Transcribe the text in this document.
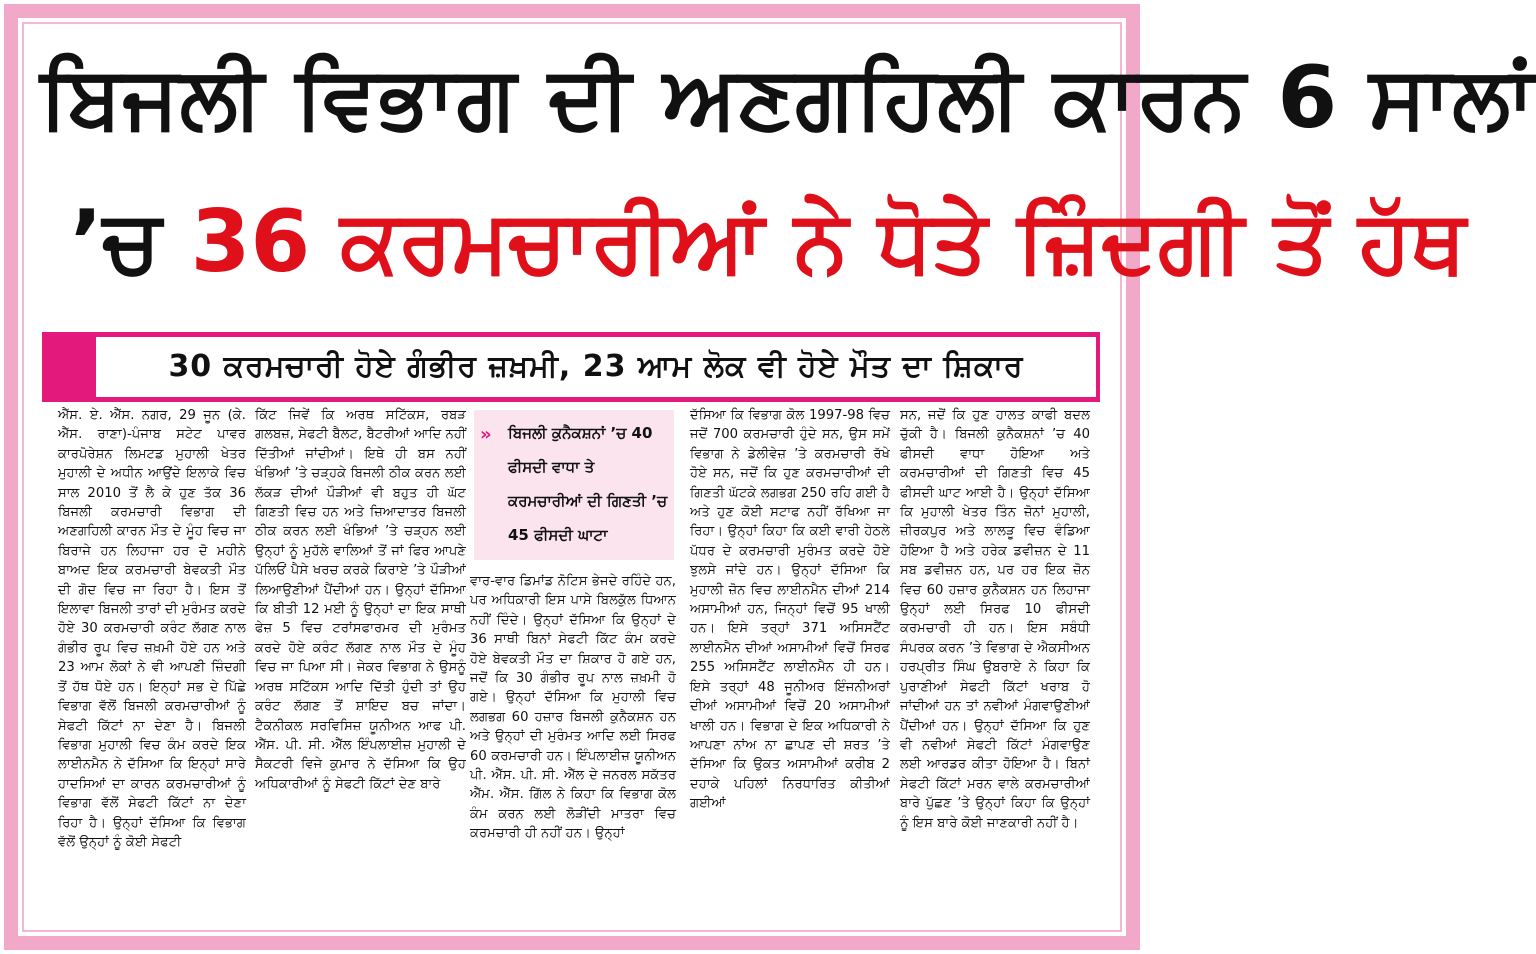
ਬਿਜਲੀ ਵਿਭਾਗ ਦੀ ਅਣਗਹਿਲੀ ਕਾਰਨ 6 ਸਾਲਾਂ
’ਚ 36 ਕਰਮਚਾਰੀਆਂ ਨੇ ਧੋਤੇ ਜ਼ਿੰਦਗੀ ਤੋਂ ਹੱਥ
30 ਕਰਮਚਾਰੀ ਹੋਏ ਗੰਭੀਰ ਜ਼ਖ਼ਮੀ, 23 ਆਮ ਲੋਕ ਵੀ ਹੋਏ ਮੌਤ ਦਾ ਸ਼ਿਕਾਰ
ਐੱਸ. ਏ. ਐੱਸ. ਨਗਰ, 29 ਜੂਨ (ਕੇ. ਐੱਸ. ਰਾਣਾ)-ਪੰਜਾਬ ਸਟੇਟ ਪਾਵਰ ਕਾਰਪੋਰੇਸ਼ਨ ਲਿਮਟਡ ਮੁਹਾਲੀ ਖੇਤਰ ਮੁਹਾਲੀ ਦੇ ਅਧੀਨ ਆਉਂਦੇ ਇਲਾਕੇ ਵਿਚ ਸਾਲ 2010 ਤੋਂ ਲੈ ਕੇ ਹੁਣ ਤੱਕ 36 ਬਿਜਲੀ ਕਰਮਚਾਰੀ ਵਿਭਾਗ ਦੀ ਅਣਗਹਿਲੀ ਕਾਰਨ ਮੌਤ ਦੇ ਮੂੰਹ ਵਿਚ ਜਾ ਬਿਰਾਜੇ ਹਨ ਲਿਹਾਜਾ ਹਰ ਦੋ ਮਹੀਨੇ ਬਾਅਦ ਇਕ ਕਰਮਚਾਰੀ ਬੇਵਕਤੀ ਮੌਤ ਦੀ ਗੋਦ ਵਿਚ ਜਾ ਰਿਹਾ ਹੈ। ਇਸ ਤੋਂ ਇਲਾਵਾ ਬਿਜਲੀ ਤਾਰਾਂ ਦੀ ਮੁਰੰਮਤ ਕਰਦੇ ਹੋਏ 30 ਕਰਮਚਾਰੀ ਕਰੰਟ ਲੱਗਣ ਨਾਲ ਗੰਭੀਰ ਰੂਪ ਵਿਚ ਜ਼ਖ਼ਮੀ ਹੋਏ ਹਨ ਅਤੇ 23 ਆਮ ਲੋਕਾਂ ਨੇ ਵੀ ਆਪਣੀ ਜ਼ਿੰਦਗੀ ਤੋਂ ਹੱਥ ਧੋਏ ਹਨ। ਇਨ੍ਹਾਂ ਸਭ ਦੇ ਪਿੱਛੇ ਵਿਭਾਗ ਵੱਲੋਂ ਬਿਜਲੀ ਕਰਮਚਾਰੀਆਂ ਨੂੰ ਸੇਫਟੀ ਕਿੱਟਾਂ ਨਾ ਦੇਣਾ ਹੈ। ਬਿਜਲੀ ਵਿਭਾਗ ਮੁਹਾਲੀ ਵਿਚ ਕੰਮ ਕਰਦੇ ਇਕ ਲਾਈਨਮੈਨ ਨੇ ਦੱਸਿਆ ਕਿ ਇਨ੍ਹਾਂ ਸਾਰੇ ਹਾਦਸਿਆਂ ਦਾ ਕਾਰਨ ਕਰਮਚਾਰੀਆਂ ਨੂੰ ਵਿਭਾਗ ਵੱਲੋਂ ਸੇਫਟੀ ਕਿੱਟਾਂ ਨਾ ਦੇਣਾ ਰਿਹਾ ਹੈ। ਉਨ੍ਹਾਂ ਦੱਸਿਆ ਕਿ ਵਿਭਾਗ ਵੱਲੋਂ ਉਨ੍ਹਾਂ ਨੂੰ ਕੋਈ ਸੇਫਟੀ
ਕਿੱਟ ਜਿਵੇਂ ਕਿ ਅਰਥ ਸਟਿੱਕਸ, ਰਬੜ ਗਲਬਜ਼, ਸੇਫਟੀ ਬੈਲਟ, ਬੈਟਰੀਆਂ ਆਦਿ ਨਹੀਂ ਦਿੱਤੀਆਂ ਜਾਂਦੀਆਂ। ਇਥੇ ਹੀ ਬਸ ਨਹੀਂ ਖੰਭਿਆਂ ’ਤੇ ਚੜ੍ਹਕੇ ਬਿਜਲੀ ਠੀਕ ਕਰਨ ਲਈ ਲੱਕੜ ਦੀਆਂ ਪੌੜੀਆਂ ਵੀ ਬਹੁਤ ਹੀ ਘੱਟ ਗਿਣਤੀ ਵਿਚ ਹਨ ਅਤੇ ਜ਼ਿਆਦਾਤਰ ਬਿਜਲੀ ਠੀਕ ਕਰਨ ਲਈ ਖੰਭਿਆਂ ’ਤੇ ਚੜ੍ਹਨ ਲਈ ਉਨ੍ਹਾਂ ਨੂੰ ਮੁਹੱਲੇ ਵਾਲਿਆਂ ਤੋਂ ਜਾਂ ਫਿਰ ਆਪਣੇ ਪੱਲਿਓਂ ਪੈਸੇ ਖਰਚ ਕਰਕੇ ਕਿਰਾਏ ’ਤੇ ਪੌੜੀਆਂ ਲਿਆਉਣੀਆਂ ਪੈਂਦੀਆਂ ਹਨ। ਉਨ੍ਹਾਂ ਦੱਸਿਆ ਕਿ ਬੀਤੀ 12 ਮਈ ਨੂੰ ਉਨ੍ਹਾਂ ਦਾ ਇਕ ਸਾਥੀ ਫੇਜ਼ 5 ਵਿਚ ਟਰਾਂਸਫਾਰਮਰ ਦੀ ਮੁਰੰਮਤ ਕਰਦੇ ਹੋਏ ਕਰੰਟ ਲੱਗਣ ਨਾਲ ਮੌਤ ਦੇ ਮੂੰਹ ਵਿਚ ਜਾ ਪਿਆ ਸੀ। ਜੇਕਰ ਵਿਭਾਗ ਨੇ ਉਸਨੂੰ ਅਰਥ ਸਟਿੱਕਸ ਆਦਿ ਦਿੱਤੀ ਹੁੰਦੀ ਤਾਂ ਉਹ ਕਰੰਟ ਲੱਗਣ ਤੋਂ ਸ਼ਾਇਦ ਬਚ ਜਾਂਦਾ। ਟੈਕਨੀਕਲ ਸਰਵਿਸਿਜ਼ ਯੂਨੀਅਨ ਆਫ ਪੀ. ਐੱਸ. ਪੀ. ਸੀ. ਐੱਲ ਇੰਪਲਾਈਜ਼ ਮੁਹਾਲੀ ਦੇ ਸੈਕਟਰੀ ਵਿਜੇ ਕੁਮਾਰ ਨੇ ਦੱਸਿਆ ਕਿ ਉਹ ਅਧਿਕਾਰੀਆਂ ਨੂੰ ਸੇਫਟੀ ਕਿੱਟਾਂ ਦੇਣ ਬਾਰੇ
» ਬਿਜਲੀ ਕੁਨੈਕਸ਼ਨਾਂ ’ਚ 40 ਫੀਸਦੀ ਵਾਧਾ ਤੇ ਕਰਮਚਾਰੀਆਂ ਦੀ ਗਿਣਤੀ ’ਚ 45 ਫੀਸਦੀ ਘਾਟਾ
ਵਾਰ-ਵਾਰ ਡਿਮਾਂਡ ਨੋਟਿਸ ਭੇਜਦੇ ਰਹਿੰਦੇ ਹਨ, ਪਰ ਅਧਿਕਾਰੀ ਇਸ ਪਾਸੇ ਬਿਲਕੁੱਲ ਧਿਆਨ ਨਹੀਂ ਦਿੰਦੇ। ਉਨ੍ਹਾਂ ਦੱਸਿਆ ਕਿ ਉਨ੍ਹਾਂ ਦੇ 36 ਸਾਥੀ ਬਿਨਾਂ ਸੇਫਟੀ ਕਿੱਟ ਕੰਮ ਕਰਦੇ ਹੋਏ ਬੇਵਕਤੀ ਮੌਤ ਦਾ ਸ਼ਿਕਾਰ ਹੋ ਗਏ ਹਨ, ਜਦੋਂ ਕਿ 30 ਗੰਭੀਰ ਰੂਪ ਨਾਲ ਜ਼ਖ਼ਮੀ ਹੋ ਗਏ। ਉਨ੍ਹਾਂ ਦੱਸਿਆ ਕਿ ਮੁਹਾਲੀ ਵਿਚ ਲਗਭਗ 60 ਹਜ਼ਾਰ ਬਿਜਲੀ ਕੁਨੈਕਸ਼ਨ ਹਨ ਅਤੇ ਉਨ੍ਹਾਂ ਦੀ ਮੁਰੰਮਤ ਆਦਿ ਲਈ ਸਿਰਫ 60 ਕਰਮਚਾਰੀ ਹਨ। ਇੰਪਲਾਈਜ਼ ਯੂਨੀਅਨ ਪੀ. ਐੱਸ. ਪੀ. ਸੀ. ਐੱਲ ਦੇ ਜਨਰਲ ਸਕੱਤਰ ਐੱਮ. ਐੱਸ. ਗਿੱਲ ਨੇ ਕਿਹਾ ਕਿ ਵਿਭਾਗ ਕੋਲ ਕੰਮ ਕਰਨ ਲਈ ਲੋੜੀਂਦੀ ਮਾਤਰਾ ਵਿਚ ਕਰਮਚਾਰੀ ਹੀ ਨਹੀਂ ਹਨ। ਉਨ੍ਹਾਂ
ਦੱਸਿਆ ਕਿ ਵਿਭਾਗ ਕੋਲ 1997-98 ਵਿਚ ਜਦੋਂ 700 ਕਰਮਚਾਰੀ ਹੁੰਦੇ ਸਨ, ਉਸ ਸਮੇਂ ਵਿਭਾਗ ਨੇ ਡੇਲੀਵੇਜ਼ ’ਤੇ ਕਰਮਚਾਰੀ ਰੱਖੇ ਹੋਏ ਸਨ, ਜਦੋਂ ਕਿ ਹੁਣ ਕਰਮਚਾਰੀਆਂ ਦੀ ਗਿਣਤੀ ਘੱਟਕੇ ਲਗਭਗ 250 ਰਹਿ ਗਈ ਹੈ ਅਤੇ ਹੁਣ ਕੋਈ ਸਟਾਫ ਨਹੀਂ ਰੱਖਿਆ ਜਾ ਰਿਹਾ। ਉਨ੍ਹਾਂ ਕਿਹਾ ਕਿ ਕਈ ਵਾਰੀ ਹੇਠਲੇ ਪੱਧਰ ਦੇ ਕਰਮਚਾਰੀ ਮੁਰੰਮਤ ਕਰਦੇ ਹੋਏ ਝੁਲਸੇ ਜਾਂਦੇ ਹਨ। ਉਨ੍ਹਾਂ ਦੱਸਿਆ ਕਿ ਮੁਹਾਲੀ ਜ਼ੋਨ ਵਿਚ ਲਾਈਨਮੈਨ ਦੀਆਂ 214 ਅਸਾਮੀਆਂ ਹਨ, ਜਿਨ੍ਹਾਂ ਵਿਚੋਂ 95 ਖਾਲੀ ਹਨ। ਇਸੇ ਤਰ੍ਹਾਂ 371 ਅਸਿਸਟੈਂਟ ਲਾਈਨਮੈਨ ਦੀਆਂ ਅਸਾਮੀਆਂ ਵਿਚੋਂ ਸਿਰਫ 255 ਅਸਿਸਟੈਂਟ ਲਾਈਨਮੈਨ ਹੀ ਹਨ। ਇਸੇ ਤਰ੍ਹਾਂ 48 ਜੂਨੀਅਰ ਇੰਜਨੀਅਰਾਂ ਦੀਆਂ ਅਸਾਮੀਆਂ ਵਿਚੋਂ 20 ਅਸਾਮੀਆਂ ਖਾਲੀ ਹਨ। ਵਿਭਾਗ ਦੇ ਇਕ ਅਧਿਕਾਰੀ ਨੇ ਆਪਣਾ ਨਾਂਅ ਨਾ ਛਾਪਣ ਦੀ ਸ਼ਰਤ ’ਤੇ ਦੱਸਿਆ ਕਿ ਉਕਤ ਅਸਾਮੀਆਂ ਕਰੀਬ 2 ਦਹਾਕੇ ਪਹਿਲਾਂ ਨਿਰਧਾਰਿਤ ਕੀਤੀਆਂ ਗਈਆਂ
ਸਨ, ਜਦੋਂ ਕਿ ਹੁਣ ਹਾਲਤ ਕਾਫੀ ਬਦਲ ਚੁੱਕੀ ਹੈ। ਬਿਜਲੀ ਕੁਨੈਕਸ਼ਨਾਂ ’ਚ 40 ਫੀਸਦੀ ਵਾਧਾ ਹੋਇਆ ਅਤੇ ਕਰਮਚਾਰੀਆਂ ਦੀ ਗਿਣਤੀ ਵਿਚ 45 ਫੀਸਦੀ ਘਾਟ ਆਈ ਹੈ। ਉਨ੍ਹਾਂ ਦੱਸਿਆ ਕਿ ਮੁਹਾਲੀ ਖੇਤਰ ਤਿੰਨ ਜ਼ੋਨਾਂ ਮੁਹਾਲੀ, ਜ਼ੀਰਕਪੁਰ ਅਤੇ ਲਾਲੜੂ ਵਿਚ ਵੰਡਿਆ ਹੋਇਆ ਹੈ ਅਤੇ ਹਰੇਕ ਡਵੀਜ਼ਨ ਦੇ 11 ਸਬ ਡਵੀਜ਼ਨ ਹਨ, ਪਰ ਹਰ ਇਕ ਜ਼ੋਨ ਵਿਚ 60 ਹਜ਼ਾਰ ਕੁਨੈਕਸ਼ਨ ਹਨ ਲਿਹਾਜਾ ਉਨ੍ਹਾਂ ਲਈ ਸਿਰਫ 10 ਫੀਸਦੀ ਕਰਮਚਾਰੀ ਹੀ ਹਨ। ਇਸ ਸਬੰਧੀ ਸੰਪਰਕ ਕਰਨ ’ਤੇ ਵਿਭਾਗ ਦੇ ਐਕਸੀਅਨ ਹਰਪ੍ਰੀਤ ਸਿੰਘ ਉਬਰਾਏ ਨੇ ਕਿਹਾ ਕਿ ਪੁਰਾਣੀਆਂ ਸੇਫਟੀ ਕਿੱਟਾਂ ਖਰਾਬ ਹੋ ਜਾਂਦੀਆਂ ਹਨ ਤਾਂ ਨਵੀਆਂ ਮੰਗਵਾਉਣੀਆਂ ਪੈਂਦੀਆਂ ਹਨ। ਉਨ੍ਹਾਂ ਦੱਸਿਆ ਕਿ ਹੁਣ ਵੀ ਨਵੀਆਂ ਸੇਫਟੀ ਕਿੱਟਾਂ ਮੰਗਵਾਉਣ ਲਈ ਆਰਡਰ ਕੀਤਾ ਹੋਇਆ ਹੈ। ਬਿਨਾਂ ਸੇਫਟੀ ਕਿੱਟਾਂ ਮਰਨ ਵਾਲੇ ਕਰਮਚਾਰੀਆਂ ਬਾਰੇ ਪੁੱਛਣ ’ਤੇ ਉਨ੍ਹਾਂ ਕਿਹਾ ਕਿ ਉਨ੍ਹਾਂ ਨੂੰ ਇਸ ਬਾਰੇ ਕੋਈ ਜਾਣਕਾਰੀ ਨਹੀਂ ਹੈ।
